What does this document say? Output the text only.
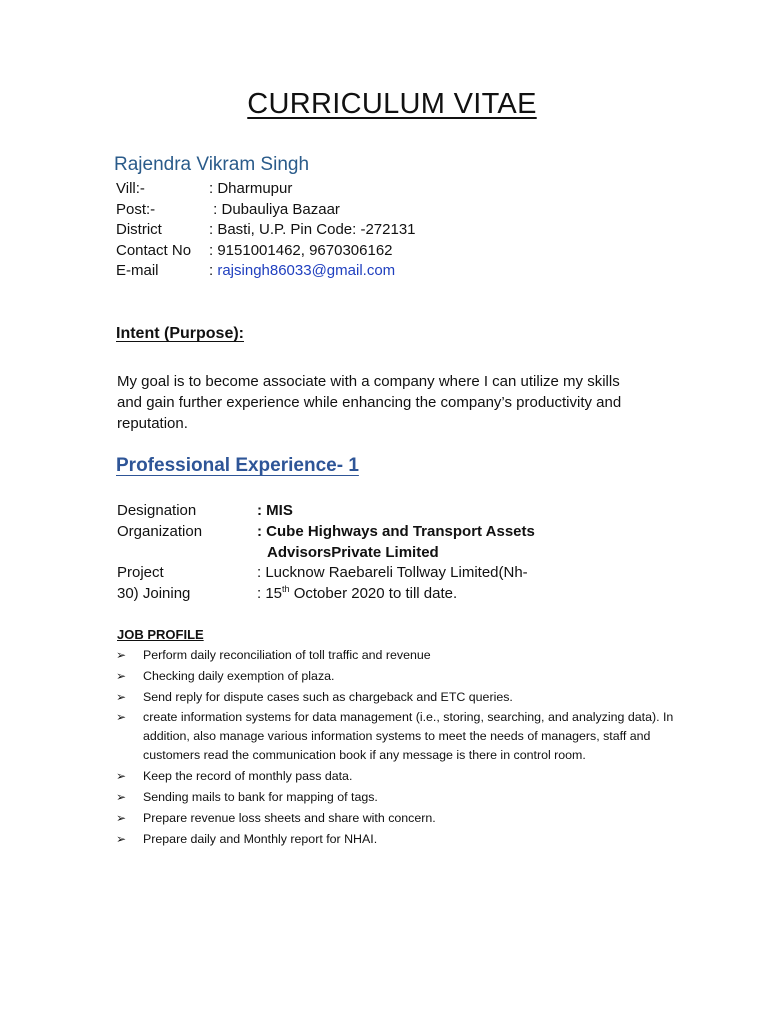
CURRICULUM VITAE
Rajendra Vikram Singh
Vill:-	: Dharmupur
Post:-	: Dubauliya Bazaar
District	: Basti, U.P. Pin Code: -272131
Contact No	: 9151001462, 9670306162
E-mail	: rajsingh86033@gmail.com
Intent (Purpose):
My goal is to become associate with a company where I can utilize my skills and gain further experience while enhancing the company’s productivity and reputation.
Professional Experience- 1
Designation	: MIS
Organization	: Cube Highways and Transport Assets
AdvisorsPrivate Limited
Project	: Lucknow Raebareli Tollway Limited(Nh-
30) Joining	: 15th October 2020 to till date.
JOB PROFILE
➢	Perform daily reconciliation of toll traffic and revenue
➢	Checking daily exemption of plaza.
➢	Send reply for dispute cases such as chargeback and ETC queries.
➢	create information systems for data management (i.e., storing, searching, and analyzing data). In addition, also manage various information systems to meet the needs of managers, staff and customers read the communication book if any message is there in control room.
➢	Keep the record of monthly pass data.
➢	Sending mails to bank for mapping of tags.
➢	Prepare revenue loss sheets and share with concern.
➢	Prepare daily and Monthly report for NHAI.
